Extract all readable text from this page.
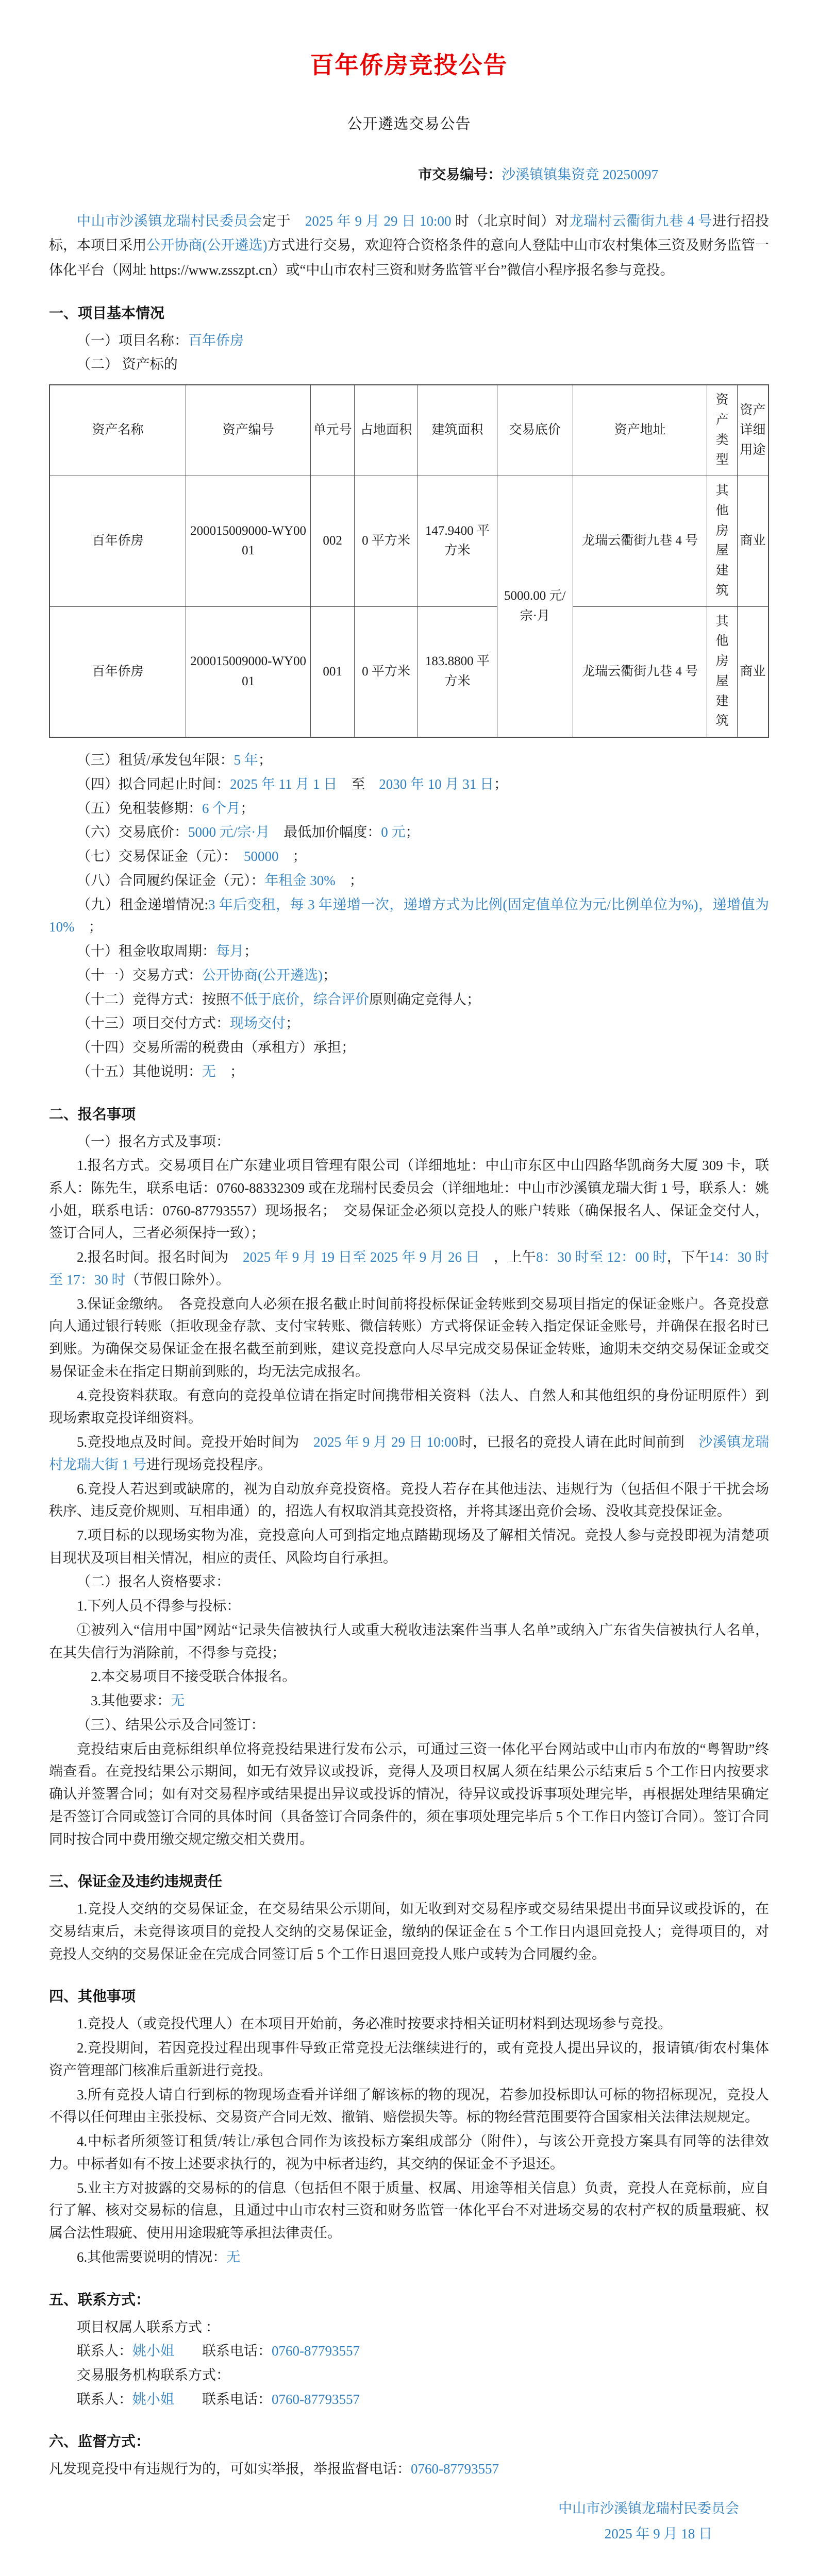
百年侨房竞投公告
公开遴选交易公告
市交易编号：沙溪镇镇集资竞 20250097
中山市沙溪镇龙瑞村民委员会定于　2025 年 9 月 29 日 10:00 时（北京时间）对龙瑞村云衢街九巷 4 号进行招投标，本项目采用公开协商(公开遴选)方式进行交易，欢迎符合资格条件的意向人登陆中山市农村集体三资及财务监管一体化平台（网址 https://www.zsszpt.cn）或“中山市农村三资和财务监管平台”微信小程序报名参与竞投。
一、项目基本情况
（一）项目名称：百年侨房
（二） 资产标的
资产名称	资产编号	单元号	占地面积	建筑面积	交易底价	资产地址	资产类型	资产详细用途
百年侨房	200015009000-WY0001	002	0 平方米	147.9400 平方米	5000.00 元/宗·月	龙瑞云衢街九巷 4 号	其他房屋建筑	商业
百年侨房	200015009000-WY0001	001	0 平方米	183.8800 平方米		龙瑞云衢街九巷 4 号	其他房屋建筑	商业
（三）租赁/承发包年限：5 年；
（四）拟合同起止时间：2025 年 11 月 1 日　至　2030 年 10 月 31 日；
（五）免租装修期：6 个月；
（六）交易底价：5000 元/宗·月　最低加价幅度：0 元；
（七）交易保证金（元）：　50000　；
（八）合同履约保证金（元）：年租金 30%　；
（九）租金递增情况:3 年后变租，每 3 年递增一次，递增方式为比例(固定值单位为元/比例单位为%)，递增值为 10%　；
（十）租金收取周期：每月；
（十一）交易方式：公开协商(公开遴选)；
（十二）竞得方式：按照不低于底价，综合评价原则确定竞得人；
（十三）项目交付方式：现场交付；
（十四）交易所需的税费由（承租方）承担；
（十五）其他说明：无　；
二、报名事项
（一）报名方式及事项：
1.报名方式。交易项目在广东建业项目管理有限公司（详细地址：中山市东区中山四路华凯商务大厦 309 卡，联系人：陈先生，联系电话：0760-88332309 或在龙瑞村民委员会（详细地址：中山市沙溪镇龙瑞大街 1 号，联系人：姚小姐，联系电话：0760-87793557）现场报名；　交易保证金必须以竞投人的账户转账（确保报名人、保证金交付人，签订合同人，三者必须保持一致）；
2.报名时间。报名时间为　2025 年 9 月 19 日至 2025 年 9 月 26 日　，上午8：30 时至 12：00 时，下午14：30 时至 17：30 时（节假日除外）。
3.保证金缴纳。　各竞投意向人必须在报名截止时间前将投标保证金转账到交易项目指定的保证金账户。各竞投意向人通过银行转账（拒收现金存款、支付宝转账、微信转账）方式将保证金转入指定保证金账号，并确保在报名时已到账。为确保交易保证金在报名截至前到账，建议竞投意向人尽早完成交易保证金转账，逾期未交纳交易保证金或交易保证金未在指定日期前到账的，均无法完成报名。
4.竞投资料获取。有意向的竞投单位请在指定时间携带相关资料（法人、自然人和其他组织的身份证明原件）到现场索取竞投详细资料。
5.竞投地点及时间。竞投开始时间为　2025 年 9 月 29 日 10:00时，已报名的竞投人请在此时间前到　沙溪镇龙瑞村龙瑞大街 1 号进行现场竞投程序。
6.竞投人若迟到或缺席的，视为自动放弃竞投资格。竞投人若存在其他违法、违规行为（包括但不限于干扰会场秩序、违反竞价规则、互相串通）的，招选人有权取消其竞投资格，并将其逐出竞价会场、没收其竞投保证金。
7.项目标的以现场实物为准，竞投意向人可到指定地点踏勘现场及了解相关情况。竞投人参与竞投即视为清楚项目现状及项目相关情况，相应的责任、风险均自行承担。
（二）报名人资格要求：
1.下列人员不得参与投标：
①被列入“信用中国”网站“记录失信被执行人或重大税收违法案件当事人名单”或纳入广东省失信被执行人名单，在其失信行为消除前，不得参与竞投；
2.本交易项目不接受联合体报名。
3.其他要求：无
（三）、结果公示及合同签订：
竞投结束后由竞标组织单位将竞投结果进行发布公示，可通过三资一体化平台网站或中山市内布放的“粤智助”终端查看。在竞投结果公示期间，如无有效异议或投诉，竞得人及项目权属人须在结果公示结束后 5 个工作日内按要求确认并签署合同；如有对交易程序或结果提出异议或投诉的情况，待异议或投诉事项处理完毕，再根据处理结果确定是否签订合同或签订合同的具体时间（具备签订合同条件的，须在事项处理完毕后 5 个工作日内签订合同）。签订合同同时按合同中费用缴交规定缴交相关费用。
三、保证金及违约违规责任
1.竞投人交纳的交易保证金，在交易结果公示期间，如无收到对交易程序或交易结果提出书面异议或投诉的，在交易结束后，未竞得该项目的竞投人交纳的交易保证金，缴纳的保证金在 5 个工作日内退回竞投人；竞得项目的，对竞投人交纳的交易保证金在完成合同签订后 5 个工作日退回竞投人账户或转为合同履约金。
四、其他事项
1.竞投人（或竞投代理人）在本项目开始前，务必准时按要求持相关证明材料到达现场参与竞投。
2.竞投期间，若因竞投过程出现事件导致正常竞投无法继续进行的，或有竞投人提出异议的，报请镇/街农村集体资产管理部门核准后重新进行竞投。
3.所有竞投人请自行到标的物现场查看并详细了解该标的物的现况，若参加投标即认可标的物招标现况，竞投人不得以任何理由主张投标、交易资产合同无效、撤销、赔偿损失等。标的物经营范围要符合国家相关法律法规规定。
4.中标者所须签订租赁/转让/承包合同作为该投标方案组成部分（附件），与该公开竞投方案具有同等的法律效力。中标者如有不按上述要求执行的，视为中标者违约，其交纳的保证金不予退还。
5.业主方对披露的交易标的的信息（包括但不限于质量、权属、用途等相关信息）负责，竞投人在竞标前，应自行了解、核对交易标的信息，且通过中山市农村三资和财务监管一体化平台不对进场交易的农村产权的质量瑕疵、权属合法性瑕疵、使用用途瑕疵等承担法律责任。
6.其他需要说明的情况：无
五、联系方式：
项目权属人联系方式 ：
联系人：姚小姐　　联系电话：0760-87793557
交易服务机构联系方式：
联系人：姚小姐　　联系电话：0760-87793557
六、监督方式：
凡发现竞投中有违规行为的，可如实举报，举报监督电话：0760-87793557
中山市沙溪镇龙瑞村民委员会
2025 年 9 月 18 日
